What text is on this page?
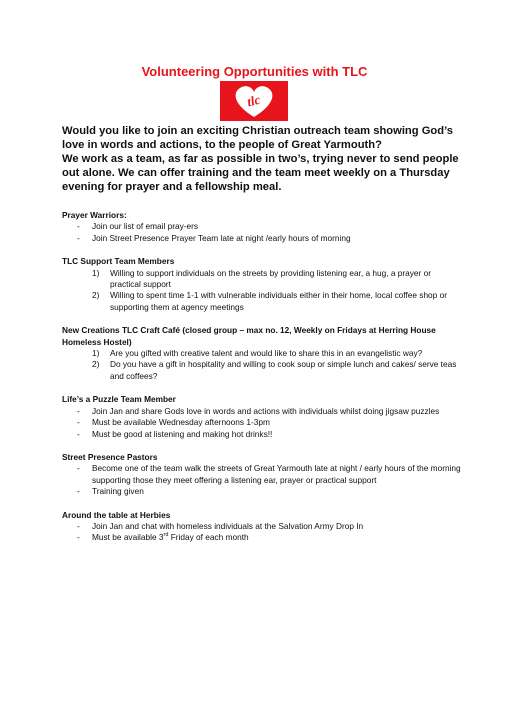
Volunteering Opportunities with TLC
tlc

Would you like to join an exciting Christian outreach team showing God’s love in words and actions, to the people of Great Yarmouth?

We work as a team, as far as possible in two’s, trying never to send people out alone. We can offer training and the team meet weekly on a Thursday evening for prayer and a fellowship meal.

Prayer Warriors:
- Join our list of email pray-ers
- Join Street Presence Prayer Team late at night /early hours of morning
TLC Support Team Members
1) Willing to support individuals on the streets by providing listening ear, a hug, a prayer or practical support
2) Willing to spent time 1-1 with vulnerable individuals either in their home, local coffee shop or supporting them at agency meetings
New Creations TLC Craft Café (closed group – max no. 12, Weekly on Fridays at Herring House Homeless Hostel)
1) Are you gifted with creative talent and would like to share this in an evangelistic way?
2) Do you have a gift in hospitality and willing to cook soup or simple lunch and cakes/ serve teas and coffees?
Life’s a Puzzle Team Member
- Join Jan and share Gods love in words and actions with individuals whilst doing jigsaw puzzles
- Must be available Wednesday afternoons 1-3pm
- Must be good at listening and making hot drinks!!
Street Presence Pastors
- Become one of the team walk the streets of Great Yarmouth late at night / early hours of the morning supporting those they meet offering a listening ear, prayer or practical support
- Training given
Around the table at Herbies
- Join Jan and chat with homeless individuals at the Salvation Army Drop In
- Must be available 3rd Friday of each month
